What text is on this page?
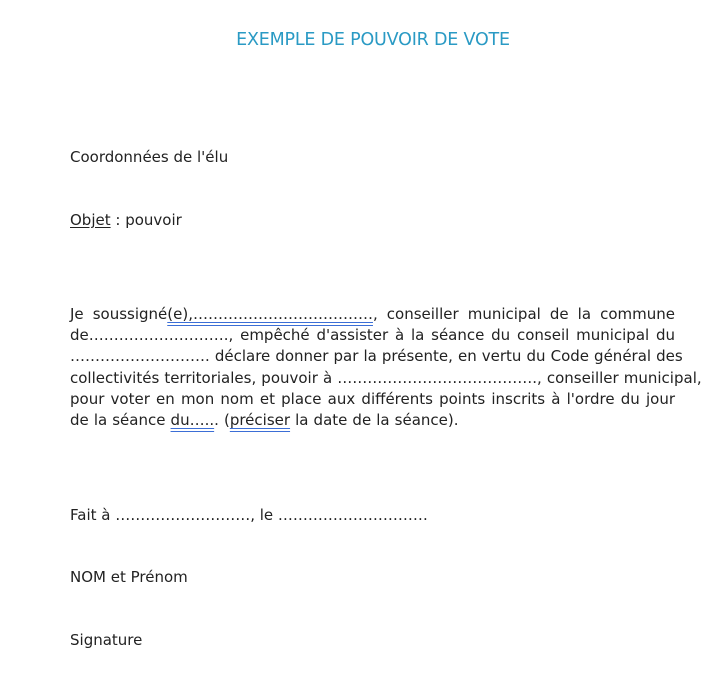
EXEMPLE DE POUVOIR DE VOTE
Coordonnées de l'élu
Objet : pouvoir
Je soussigné(e),………………………………, conseiller municipal de la commune
de………………………., empêché d'assister à la séance du conseil municipal du
………………………. déclare donner par la présente, en vertu du Code général des
collectivités territoriales, pouvoir à …………………………………., conseiller municipal,
pour voter en mon nom et place aux différents points inscrits à l'ordre du jour
de la séance du…... (préciser la date de la séance).
Fait à ………………………, le …………………………
NOM et Prénom
Signature
